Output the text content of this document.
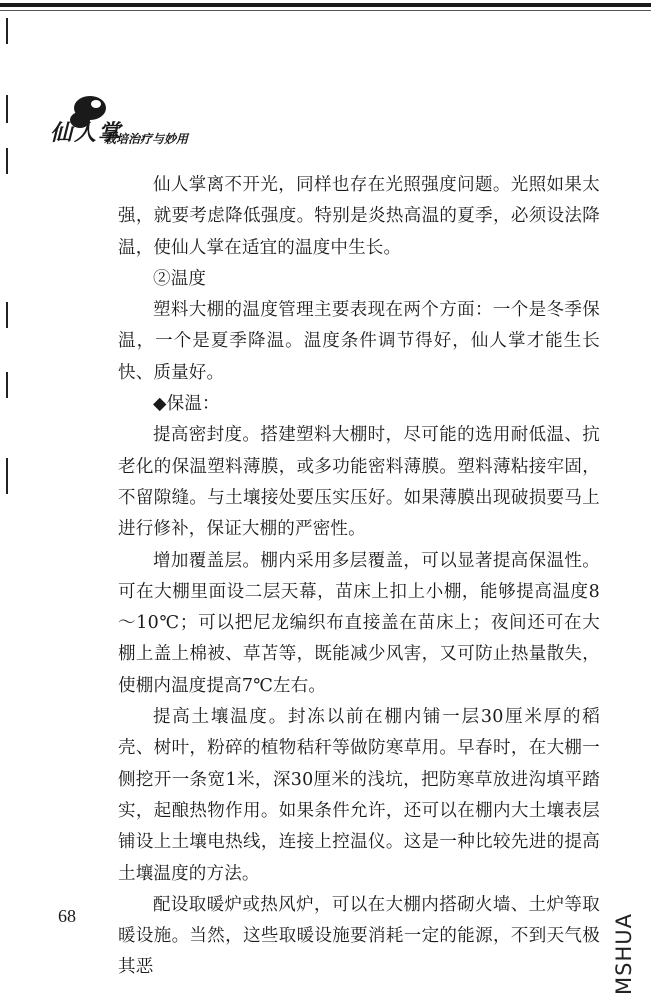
仙人掌
栽培治疗与妙用

仙人掌离不开光，同样也存在光照强度问题。光照如果太强，就要考虑降低强度。特别是炎热高温的夏季，必须设法降温，使仙人掌在适宜的温度中生长。

②温度

塑料大棚的温度管理主要表现在两个方面：一个是冬季保温，一个是夏季降温。温度条件调节得好，仙人掌才能生长快、质量好。

◆保温：

提高密封度。搭建塑料大棚时，尽可能的选用耐低温、抗老化的保温塑料薄膜，或多功能密料薄膜。塑料薄粘接牢固，不留隙缝。与土壤接处要压实压好。如果薄膜出现破损要马上进行修补，保证大棚的严密性。

增加覆盖层。棚内采用多层覆盖，可以显著提高保温性。可在大棚里面设二层天幕，苗床上扣上小棚，能够提高温度8～10℃；可以把尼龙编织布直接盖在苗床上；夜间还可在大棚上盖上棉被、草苫等，既能减少风害，又可防止热量散失，使棚内温度提高7℃左右。

提高土壤温度。封冻以前在棚内铺一层30厘米厚的稻壳、树叶，粉碎的植物秸秆等做防寒草用。早春时，在大棚一侧挖开一条宽1米，深30厘米的浅坑，把防寒草放进沟填平踏实，起酿热物作用。如果条件允许，还可以在棚内大土壤表层铺设上土壤电热线，连接上控温仪。这是一种比较先进的提高土壤温度的方法。

配设取暖炉或热风炉，可以在大棚内搭砌火墙、土炉等取暖设施。当然，这些取暖设施要消耗一定的能源，不到天气极其恶

68	MSHUA
